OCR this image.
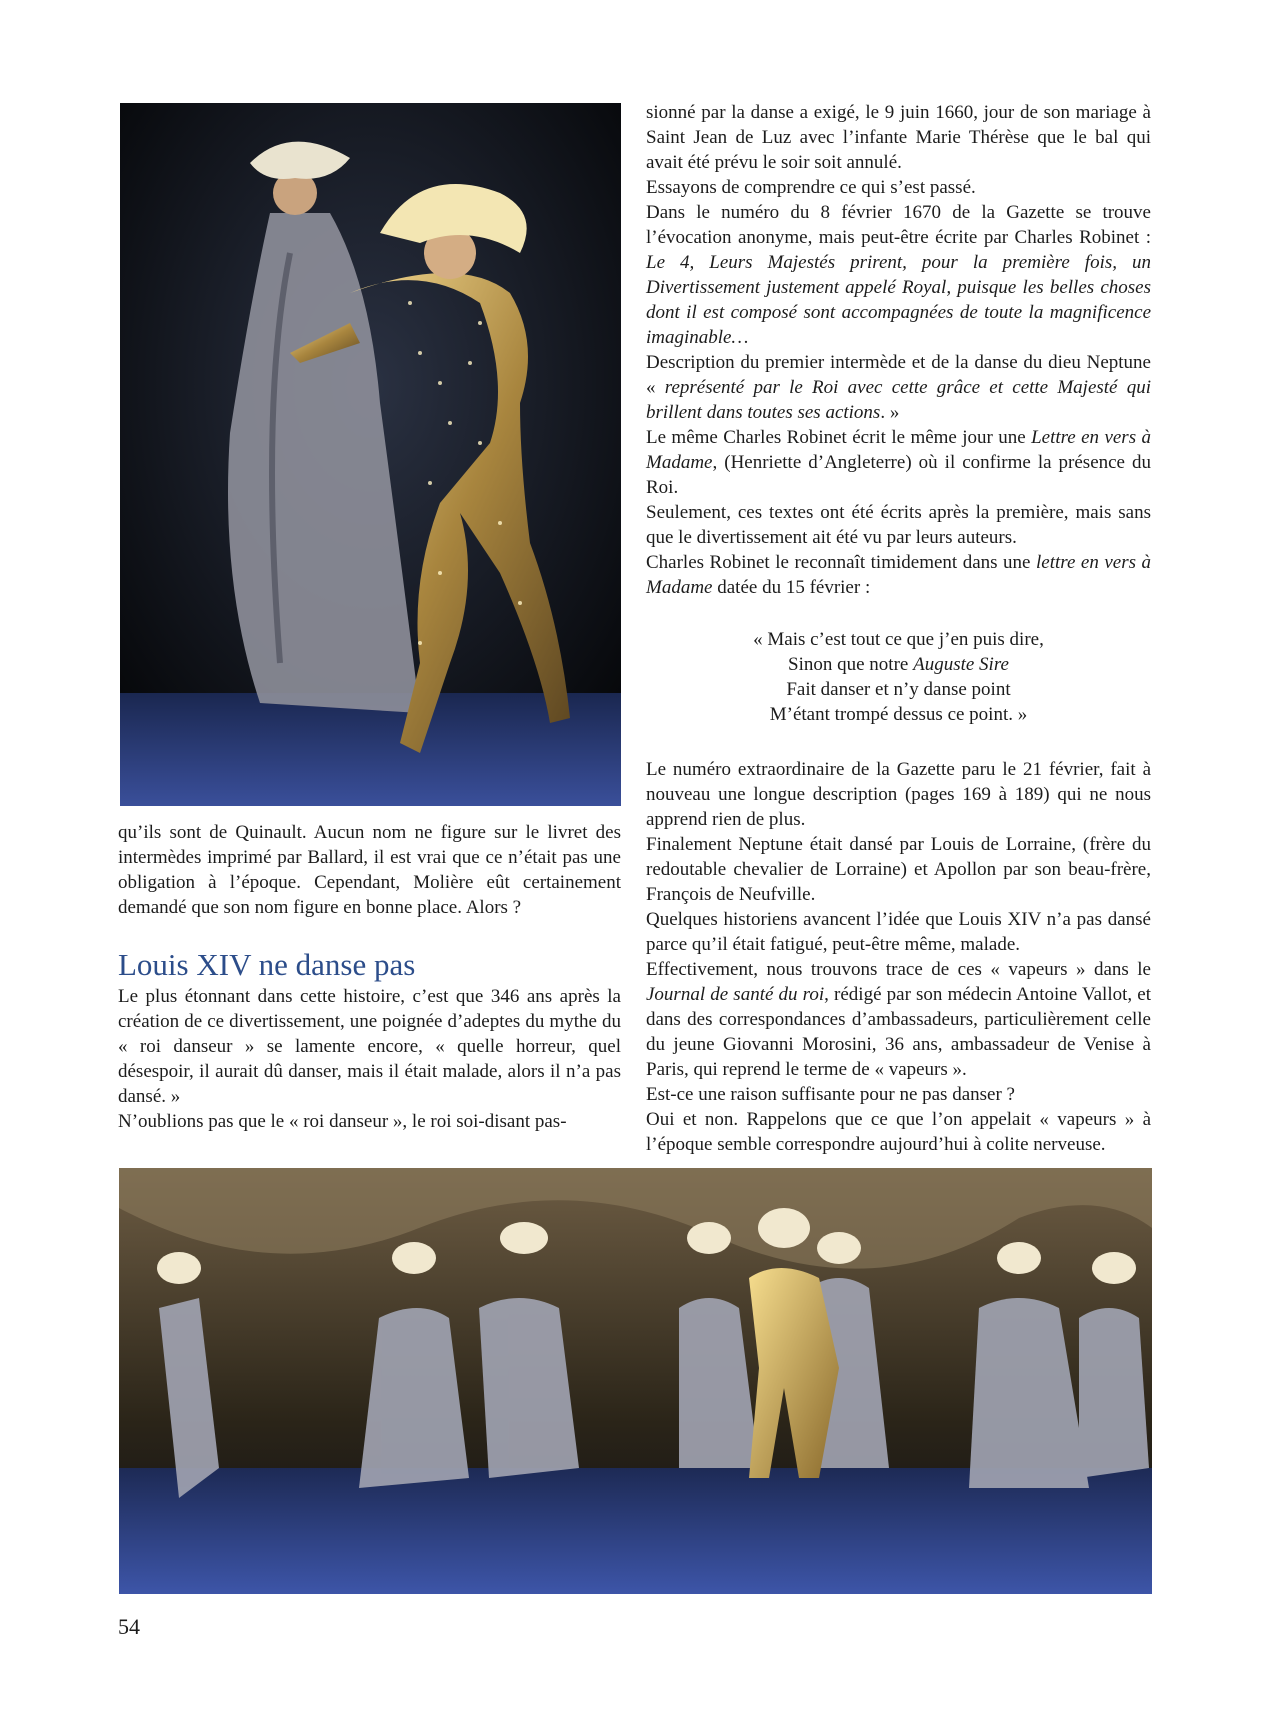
qu’ils sont de Quinault. Aucun nom ne figure sur le livret des intermèdes imprimé par Ballard, il est vrai que ce n’était pas une obligation à l’époque. Cependant, Molière eût certainement demandé que son nom figure en bonne place. Alors ?

Louis XIV ne danse pas

Le plus étonnant dans cette histoire, c’est que 346 ans après la création de ce divertissement, une poignée d’adeptes du mythe du « roi danseur » se lamente encore, « quelle horreur, quel désespoir, il aurait dû danser, mais il était malade, alors il n’a pas dansé. »

N’oublions pas que le « roi danseur », le roi soi-disant pas-

sionné par la danse a exigé, le 9 juin 1660, jour de son mariage à Saint Jean de Luz avec l’infante Marie Thérèse que le bal qui avait été prévu le soir soit annulé.

Essayons de comprendre ce qui s’est passé.

Dans le numéro du 8 février 1670 de la Gazette se trouve l’évocation anonyme, mais peut-être écrite par Charles Robinet : Le 4, Leurs Majestés prirent, pour la première fois, un Divertissement justement appelé Royal, puisque les belles choses dont il est composé sont accompagnées de toute la magnificence imaginable…

Description du premier intermède et de la danse du dieu Neptune « représenté par le Roi avec cette grâce et cette Majesté qui brillent dans toutes ses actions. »

Le même Charles Robinet écrit le même jour une Lettre en vers à Madame, (Henriette d’Angleterre) où il confirme la présence du Roi.

Seulement, ces textes ont été écrits après la première, mais sans que le divertissement ait été vu par leurs auteurs.

Charles Robinet le reconnaît timidement dans une lettre en vers à Madame datée du 15 février :

« Mais c’est tout ce que j’en puis dire,

Sinon que notre Auguste Sire

Fait danser et n’y danse point

M’étant trompé dessus ce point. »

Le numéro extraordinaire de la Gazette paru le 21 février, fait à nouveau une longue description (pages 169 à 189) qui ne nous apprend rien de plus.

Finalement Neptune était dansé par Louis de Lorraine, (frère du redoutable chevalier de Lorraine) et Apollon par son beau-frère, François de Neufville.

Quelques historiens avancent l’idée que Louis XIV n’a pas dansé parce qu’il était fatigué, peut-être même, malade.

Effectivement, nous trouvons trace de ces « vapeurs » dans le Journal de santé du roi, rédigé par son médecin Antoine Vallot, et dans des correspondances d’ambassadeurs, particulièrement celle du jeune Giovanni Morosini, 36 ans, ambassadeur de Venise à Paris, qui reprend le terme de « vapeurs ».

Est-ce une raison suffisante pour ne pas danser ?

Oui et non. Rappelons que ce que l’on appelait « vapeurs » à l’époque semble correspondre aujourd’hui à colite nerveuse.

54
